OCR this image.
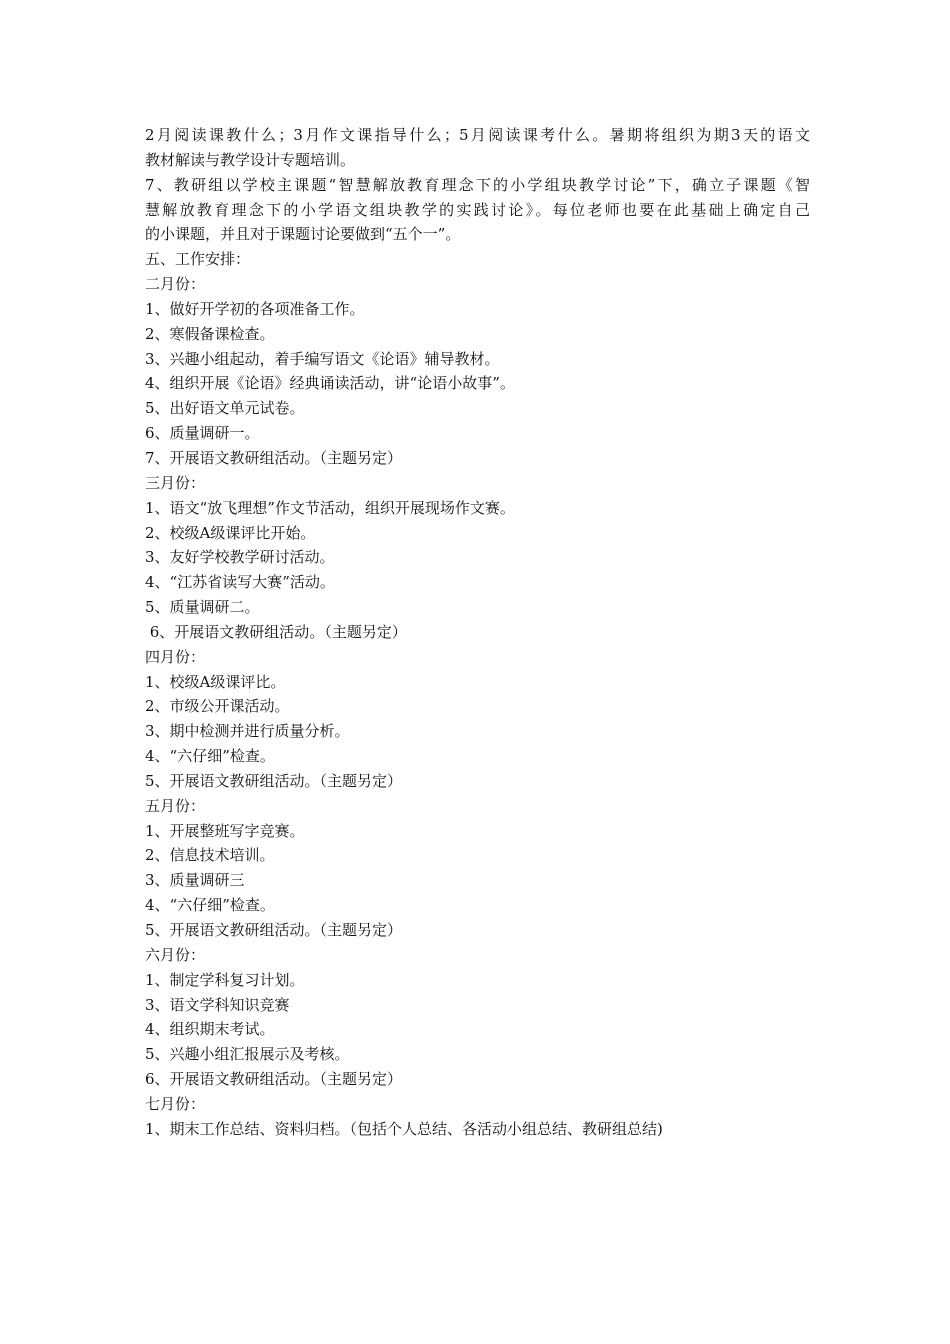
2月阅读课教什么；3月作文课指导什么；5月阅读课考什么。暑期将组织为期3天的语文
教材解读与教学设计专题培训。
7、教研组以学校主课题“智慧解放教育理念下的小学组块教学讨论”下，确立子课题《智
慧解放教育理念下的小学语文组块教学的实践讨论》。每位老师也要在此基础上确定自己
的小课题，并且对于课题讨论要做到“五个一”。
五、工作安排：
二月份：
1、做好开学初的各项准备工作。
2、寒假备课检查。
3、兴趣小组起动，着手编写语文《论语》辅导教材。
4、组织开展《论语》经典诵读活动，讲“论语小故事”。
5、出好语文单元试卷。
6、质量调研一。
7、开展语文教研组活动。（主题另定）
三月份：
1、语文“放飞理想”作文节活动，组织开展现场作文赛。
2、校级A级课评比开始。
3、友好学校教学研讨活动。
4、“江苏省读写大赛”活动。
5、质量调研二。
6、开展语文教研组活动。（主题另定）
四月份：
1、校级A级课评比。
2、市级公开课活动。
3、期中检测并进行质量分析。
4、“六仔细”检查。
5、开展语文教研组活动。（主题另定）
五月份：
1、开展整班写字竞赛。
2、信息技术培训。
3、质量调研三
4、“六仔细”检查。
5、开展语文教研组活动。（主题另定）
六月份：
1、制定学科复习计划。
3、语文学科知识竞赛
4、组织期末考试。
5、兴趣小组汇报展示及考核。
6、开展语文教研组活动。（主题另定）
七月份：
1、期末工作总结、资料归档。（包括个人总结、各活动小组总结、教研组总结)
